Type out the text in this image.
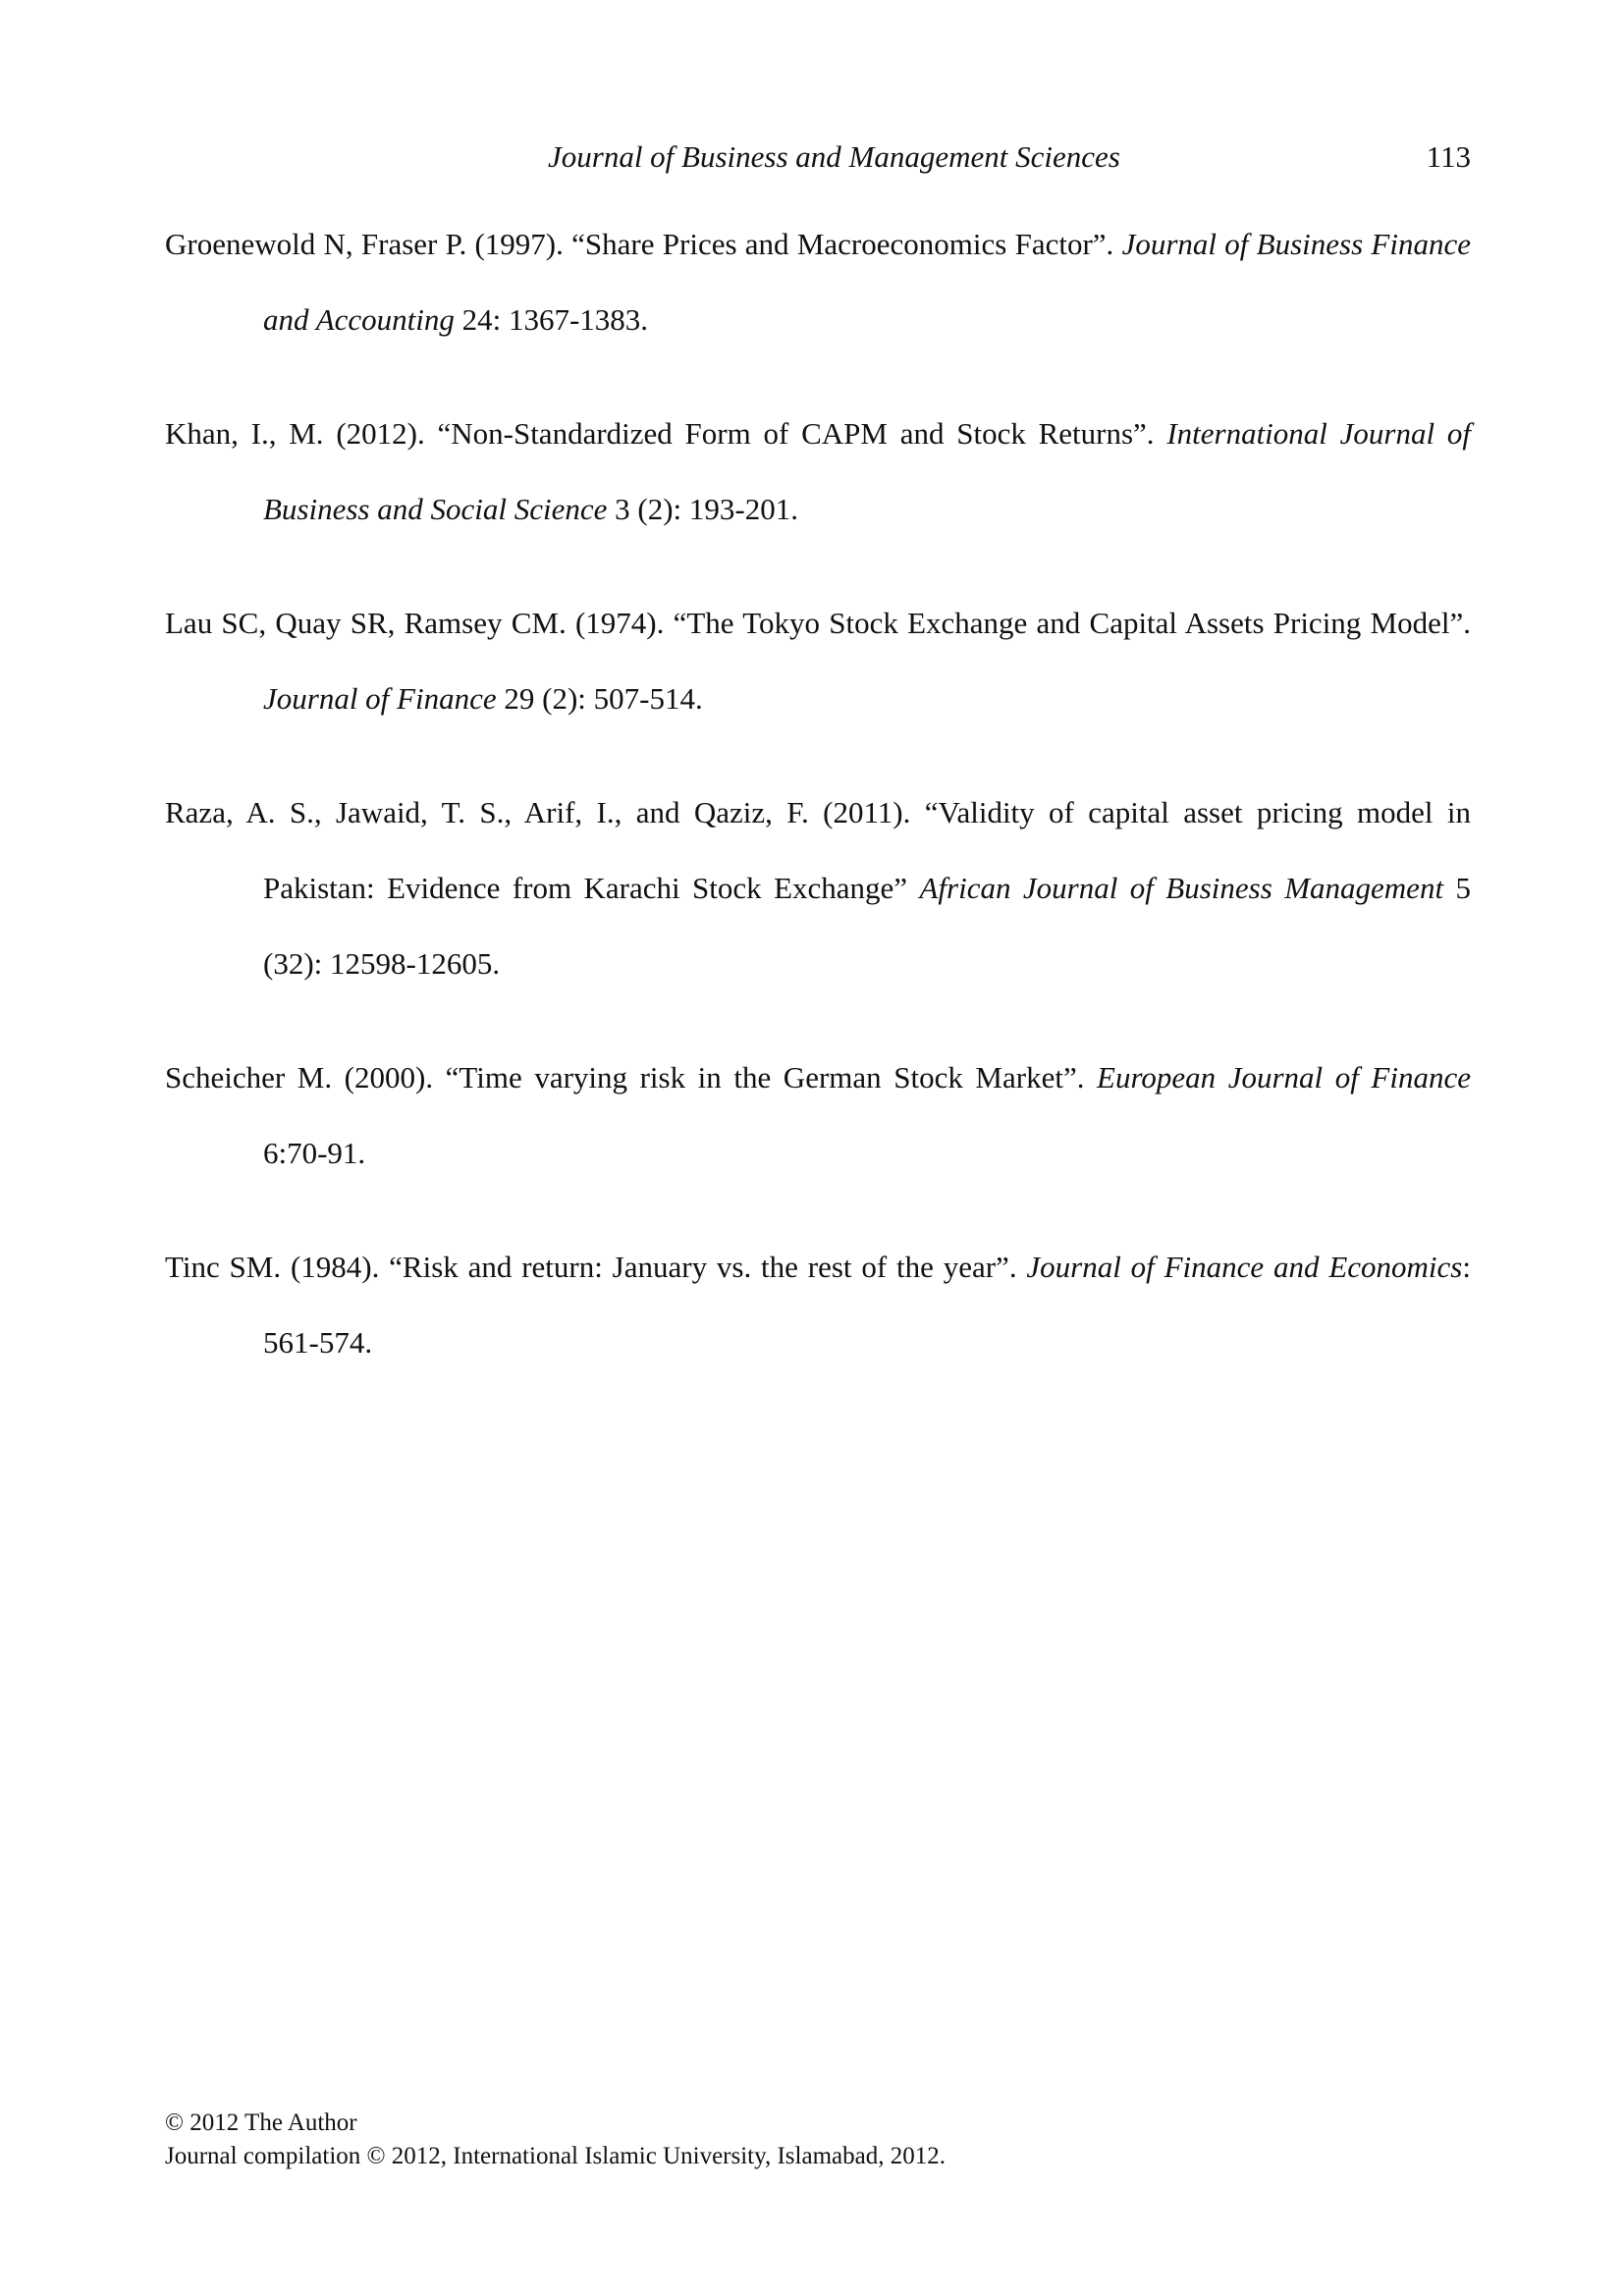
Journal of Business and Management Sciences	113

Groenewold N, Fraser P. (1997). “Share Prices and Macroeconomics Factor”. Journal of Business Finance and Accounting 24: 1367-1383.

Khan, I., M. (2012). “Non-Standardized Form of CAPM and Stock Returns”. International Journal of Business and Social Science 3 (2): 193-201.

Lau SC, Quay SR, Ramsey CM. (1974). “The Tokyo Stock Exchange and Capital Assets Pricing Model”. Journal of Finance 29 (2): 507-514.

Raza, A. S., Jawaid, T. S., Arif, I., and Qaziz, F. (2011). “Validity of capital asset pricing model in Pakistan: Evidence from Karachi Stock Exchange” African Journal of Business Management 5 (32): 12598-12605.

Scheicher M. (2000). “Time varying risk in the German Stock Market”. European Journal of Finance 6:70-91.

Tinc SM. (1984). “Risk and return: January vs. the rest of the year”. Journal of Finance and Economics: 561-574.

© 2012 The Author
Journal compilation © 2012, International Islamic University, Islamabad, 2012.
